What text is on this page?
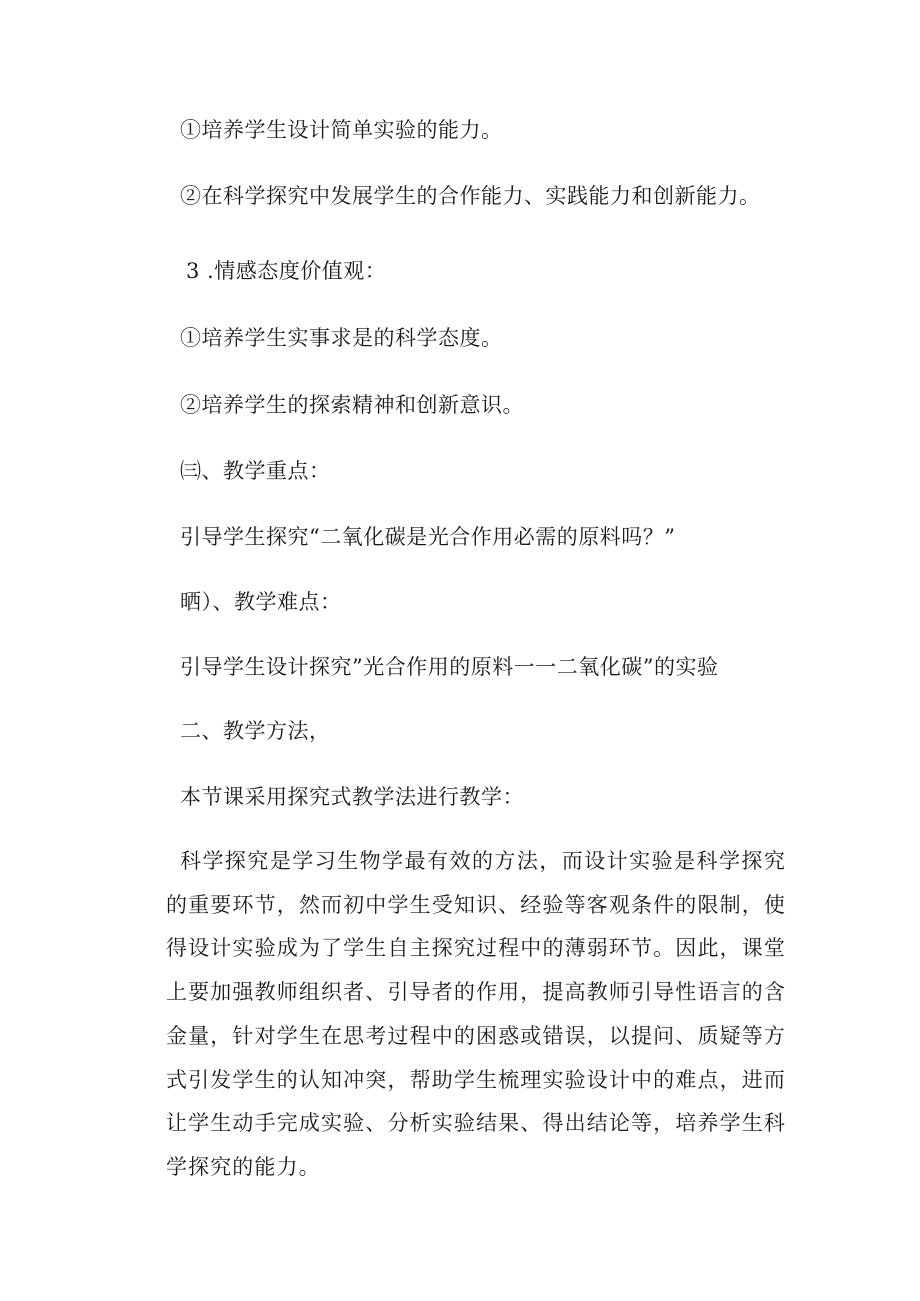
①培养学生设计简单实验的能力。
②在科学探究中发展学生的合作能力、实践能力和创新能力。
3 .情感态度价值观：
①培养学生实事求是的科学态度。
②培养学生的探索精神和创新意识。
㈢、教学重点：
引导学生探究“二氧化碳是光合作用必需的原料吗？”
晒）、教学难点：
引导学生设计探究”光合作用的原料一一二氧化碳”的实验
二、教学方法，
本节课采用探究式教学法进行教学：
科学探究是学习生物学最有效的方法，而设计实验是科学探究的重要环节，然而初中学生受知识、经验等客观条件的限制，使得设计实验成为了学生自主探究过程中的薄弱环节。因此，课堂上要加强教师组织者、引导者的作用，提高教师引导性语言的含金量，针对学生在思考过程中的困惑或错误，以提问、质疑等方式引发学生的认知冲突，帮助学生梳理实验设计中的难点，进而让学生动手完成实验、分析实验结果、得出结论等，培养学生科学探究的能力。
